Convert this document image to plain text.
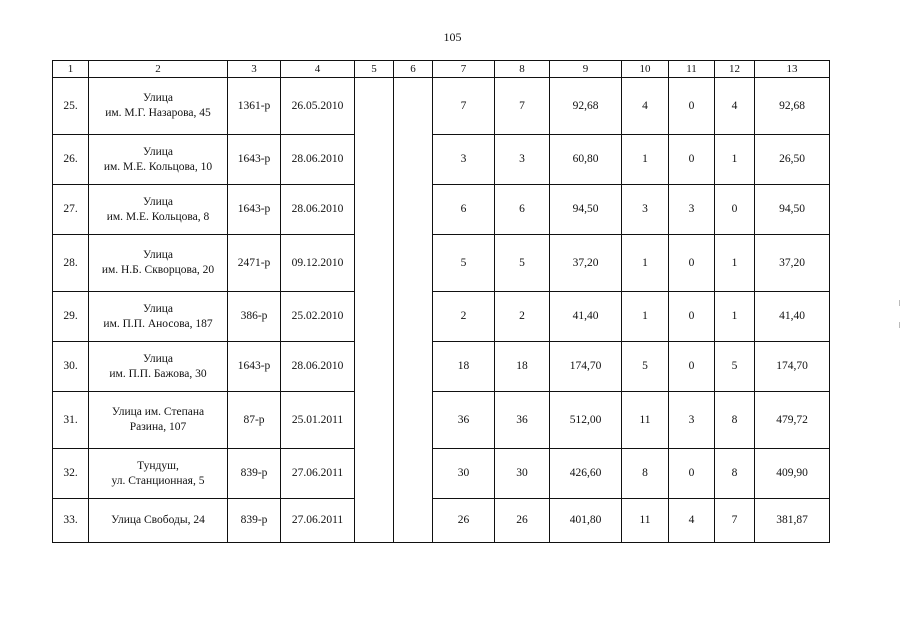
105
1	2	3	4	5	6	7	8	9	10	11	12	13
25.	Улица
им. М.Г. Назарова, 45	1361-р	26.05.2010			7	7	92,68	4	0	4	92,68
26.	Улица
им. М.Е. Кольцова, 10	1643-р	28.06.2010			3	3	60,80	1	0	1	26,50
27.	Улица
им. М.Е. Кольцова, 8	1643-р	28.06.2010			6	6	94,50	3	3	0	94,50
28.	Улица
им. Н.Б. Скворцова, 20	2471-р	09.12.2010			5	5	37,20	1	0	1	37,20
29.	Улица
им. П.П. Аносова, 187	386-р	25.02.2010			2	2	41,40	1	0	1	41,40
30.	Улица
им. П.П. Бажова, 30	1643-р	28.06.2010			18	18	174,70	5	0	5	174,70
31.	Улица им. Степана
Разина, 107	87-р	25.01.2011			36	36	512,00	11	3	8	479,72
32.	Тундуш,
ул. Станционная, 5	839-р	27.06.2011			30	30	426,60	8	0	8	409,90
33.	Улица Свободы, 24	839-р	27.06.2011			26	26	401,80	11	4	7	381,87
